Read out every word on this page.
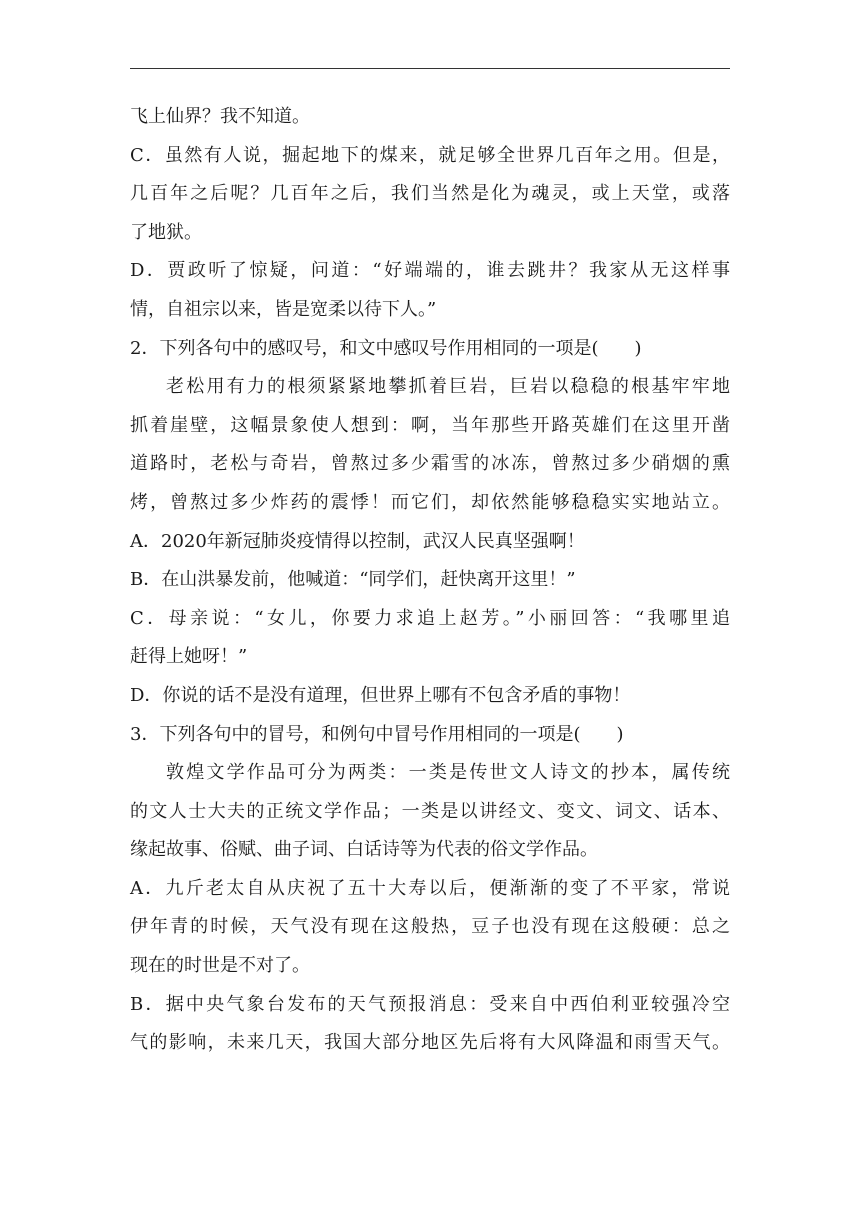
飞上仙界？我不知道。
C．虽然有人说，掘起地下的煤来，就足够全世界几百年之用。但是，
几百年之后呢？几百年之后，我们当然是化为魂灵，或上天堂，或落
了地狱。
D．贾政听了惊疑，问道：“好端端的，谁去跳井？我家从无这样事
情，自祖宗以来，皆是宽柔以待下人。”
2．下列各句中的感叹号，和文中感叹号作用相同的一项是(　　)
老松用有力的根须紧紧地攀抓着巨岩，巨岩以稳稳的根基牢牢地
抓着崖壁，这幅景象使人想到：啊，当年那些开路英雄们在这里开凿
道路时，老松与奇岩，曾熬过多少霜雪的冰冻，曾熬过多少硝烟的熏
烤，曾熬过多少炸药的震悸！而它们，却依然能够稳稳实实地站立。
A．2020年新冠肺炎疫情得以控制，武汉人民真坚强啊！
B．在山洪暴发前，他喊道：“同学们，赶快离开这里！”
C．母亲说：“女儿，你要力求追上赵芳。”小丽回答：“我哪里追
赶得上她呀！”
D．你说的话不是没有道理，但世界上哪有不包含矛盾的事物！
3．下列各句中的冒号，和例句中冒号作用相同的一项是(　　)
敦煌文学作品可分为两类：一类是传世文人诗文的抄本，属传统
的文人士大夫的正统文学作品；一类是以讲经文、变文、词文、话本、
缘起故事、俗赋、曲子词、白话诗等为代表的俗文学作品。
A．九斤老太自从庆祝了五十大寿以后，便渐渐的变了不平家，常说
伊年青的时候，天气没有现在这般热，豆子也没有现在这般硬：总之
现在的时世是不对了。
B．据中央气象台发布的天气预报消息：受来自中西伯利亚较强冷空
气的影响，未来几天，我国大部分地区先后将有大风降温和雨雪天气。
